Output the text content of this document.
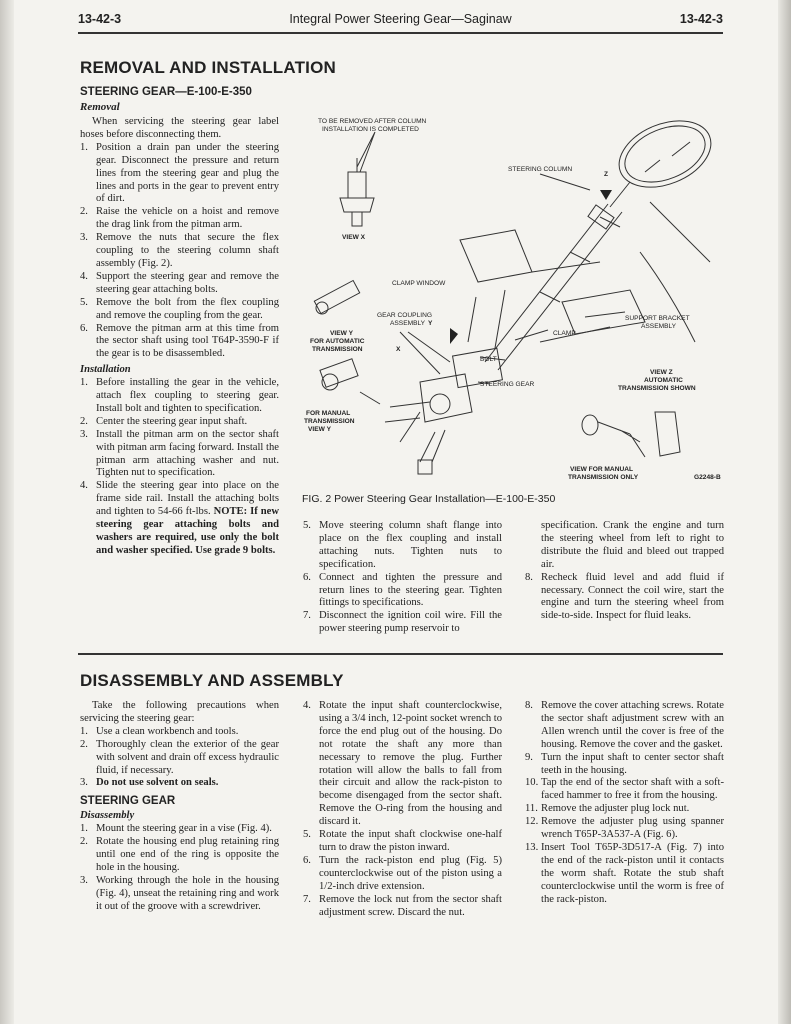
13-42-3	Integral Power Steering Gear—Saginaw	13-42-3
REMOVAL AND INSTALLATION
STEERING GEAR—E-100-E-350
Removal

When servicing the steering gear label hoses before disconnecting them.

1. Position a drain pan under the steering gear. Disconnect the pressure and return lines from the steering gear and plug the lines and ports in the gear to prevent entry of dirt.
2. Raise the vehicle on a hoist and remove the drag link from the pitman arm.
3. Remove the nuts that secure the flex coupling to the steering column shaft assembly (Fig. 2).
4. Support the steering gear and remove the steering gear attaching bolts.
5. Remove the bolt from the flex coupling and remove the coupling from the gear.
6. Remove the pitman arm at this time from the sector shaft using tool T64P-3590-F if the gear is to be disassembled.
Installation
1. Before installing the gear in the vehicle, attach flex coupling to steering gear. Install bolt and tighten to specification.
2. Center the steering gear input shaft.
3. Install the pitman arm on the sector shaft with pitman arm facing forward. Install the pitman arm attaching washer and nut. Tighten nut to specification.
4. Slide the steering gear into place on the frame side rail. Install the attaching bolts and tighten to 54-66 ft-lbs. NOTE: If new steering gear attaching bolts and washers are required, use only the bolt and washer specified. Use grade 9 bolts.
TO BE REMOVED AFTER COLUMN
INSTALLATION IS COMPLETED
VIEW X
STEERING COLUMN
Z
CLAMP WINDOW
GEAR COUPLING
ASSEMBLY Y
SUPPORT BRACKET
ASSEMBLY
CLAMP
VIEW Y
FOR AUTOMATIC
TRANSMISSION	X
BOLT
STEERING GEAR
VIEW Z
AUTOMATIC
TRANSMISSION SHOWN
FOR MANUAL
TRANSMISSION
VIEW Y
VIEW FOR MANUAL
TRANSMISSION ONLY	G2248-B
FIG. 2 Power Steering Gear Installation—E-100-E-350
5. Move steering column shaft flange into place on the flex coupling and install attaching nuts. Tighten nuts to specification.
6. Connect and tighten the pressure and return lines to the steering gear. Tighten fittings to specifications.
7. Disconnect the ignition coil wire. Fill the power steering pump reservoir to
specification. Crank the engine and turn the steering wheel from left to right to distribute the fluid and bleed out trapped air.
8. Recheck fluid level and add fluid if necessary. Connect the coil wire, start the engine and turn the steering wheel from side-to-side. Inspect for fluid leaks.
DISASSEMBLY AND ASSEMBLY

Take the following precautions when servicing the steering gear:

1. Use a clean workbench and tools.
2. Thoroughly clean the exterior of the gear with solvent and drain off excess hydraulic fluid, if necessary.
3. Do not use solvent on seals.
STEERING GEAR
Disassembly
1. Mount the steering gear in a vise (Fig. 4).
2. Rotate the housing end plug retaining ring until one end of the ring is opposite the hole in the housing.
3. Working through the hole in the housing (Fig. 4), unseat the retaining ring and work it out of the groove with a screwdriver.
4. Rotate the input shaft counterclockwise, using a 3/4 inch, 12-point socket wrench to force the end plug out of the housing. Do not rotate the shaft any more than necessary to remove the plug. Further rotation will allow the balls to fall from their circuit and allow the rack-piston to become disengaged from the sector shaft. Remove the O-ring from the housing and discard it.
5. Rotate the input shaft clockwise one-half turn to draw the piston inward.
6. Turn the rack-piston end plug (Fig. 5) counterclockwise out of the piston using a 1/2-inch drive extension.
7. Remove the lock nut from the sector shaft adjustment screw. Discard the nut.
8. Remove the cover attaching screws. Rotate the sector shaft adjustment screw with an Allen wrench until the cover is free of the housing. Remove the cover and the gasket.
9. Turn the input shaft to center sector shaft teeth in the housing.
10. Tap the end of the sector shaft with a soft-faced hammer to free it from the housing.
11. Remove the adjuster plug lock nut.
12. Remove the adjuster plug using spanner wrench T65P-3A537-A (Fig. 6).
13. Insert Tool T65P-3D517-A (Fig. 7) into the end of the rack-piston until it contacts the worm shaft. Rotate the stub shaft counterclockwise until the worm is free of the rack-piston.
